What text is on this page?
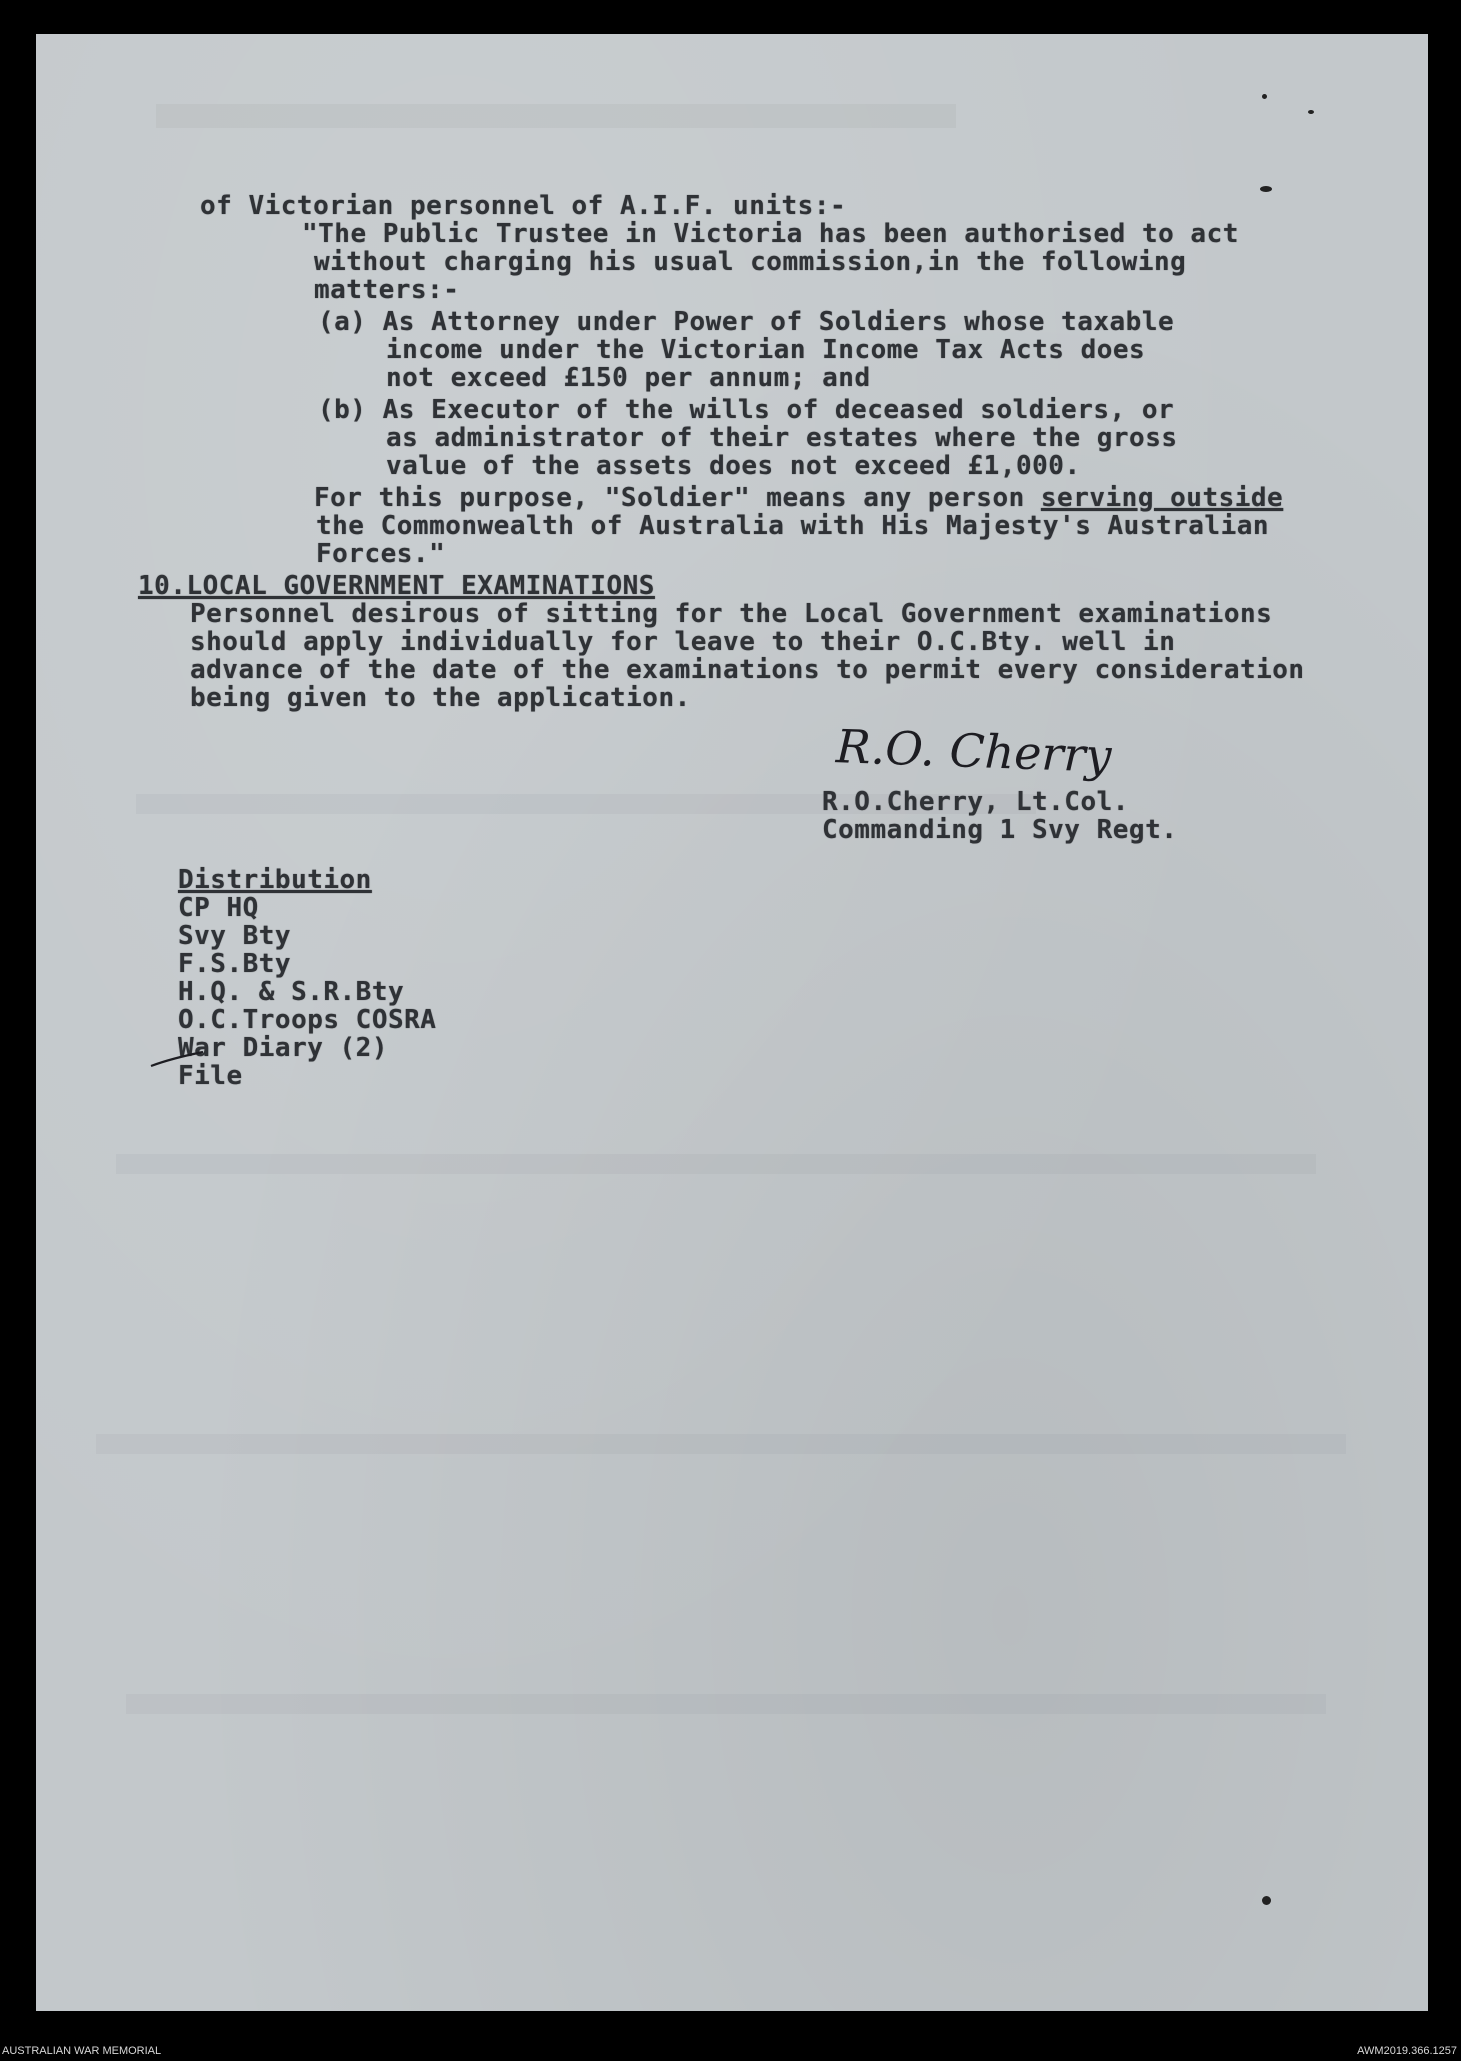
of Victorian personnel of A.I.F. units:-
"The Public Trustee in Victoria has been authorised to act
without charging his usual commission,in the following
matters:-
(a) As Attorney under Power of Soldiers whose taxable
income under the Victorian Income Tax Acts does
not exceed £150 per annum; and
(b) As Executor of the wills of deceased soldiers, or
as administrator of their estates where the gross
value of the assets does not exceed £1,000.
For this purpose, "Soldier" means any person serving outside
the Commonwealth of Australia with His Majesty's Australian
Forces."
10.LOCAL GOVERNMENT EXAMINATIONS
Personnel desirous of sitting for the Local Government examinations
should apply individually for leave to their O.C.Bty. well in
advance of the date of the examinations to permit every consideration
being given to the application.
R.O. Cherry
R.O.Cherry, Lt.Col.
Commanding 1 Svy Regt.
Distribution
CP HQ
Svy Bty
F.S.Bty
H.Q. & S.R.Bty
O.C.Troops COSRA
War Diary (2)
File
AUSTRALIAN WAR MEMORIAL	AWM2019.366.1257
